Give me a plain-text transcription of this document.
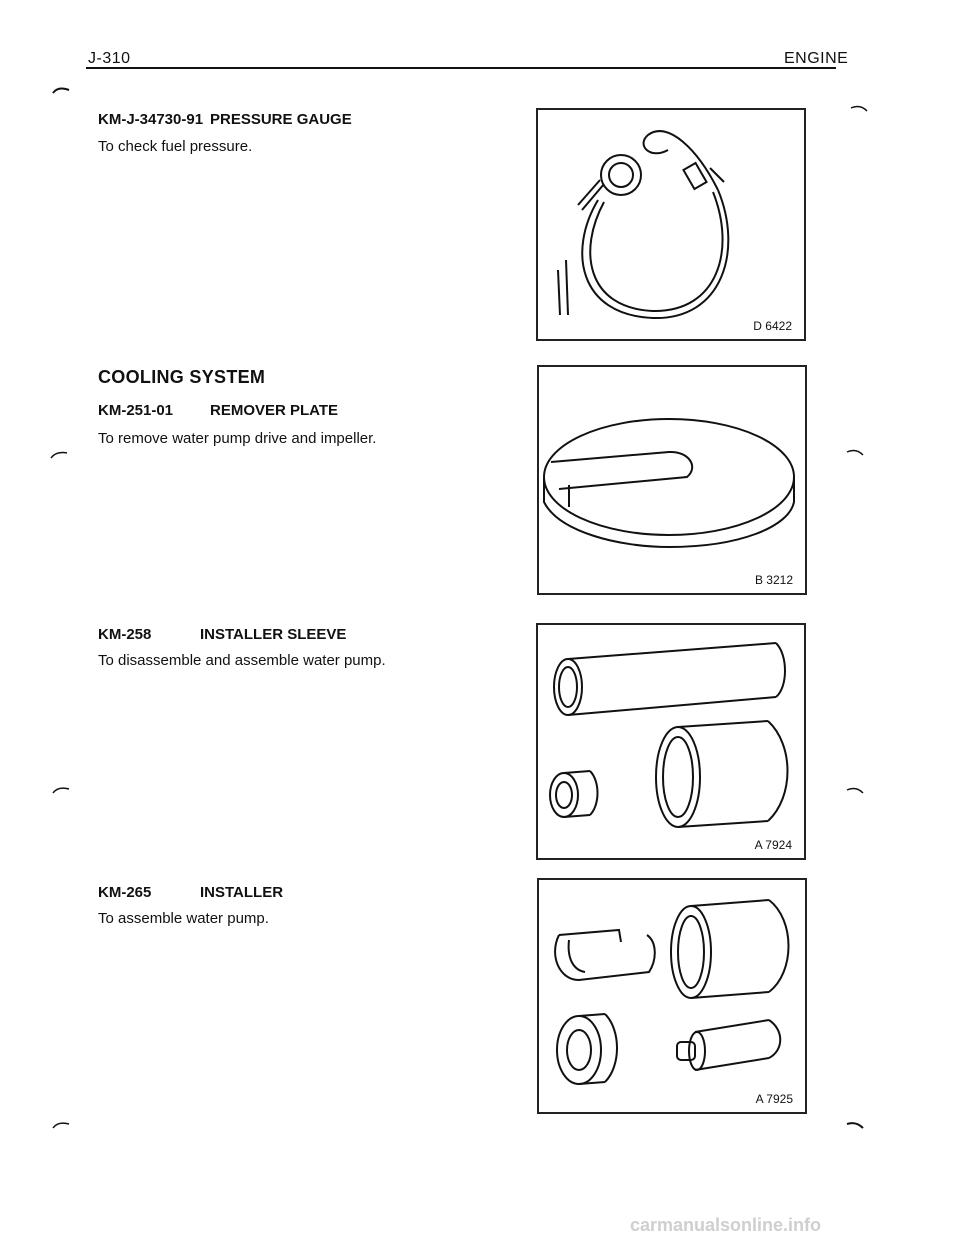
J-310	ENGINE
KM-J-34730-91 PRESSURE GAUGE
To check fuel pressure.
COOLING SYSTEM
KM-251-01 REMOVER PLATE
To remove water pump drive and impeller.
KM-258	INSTALLER SLEEVE
To disassemble and assemble water pump.
KM-265	INSTALLER
To assemble water pump.
D 6422
B 3212
A 7924
A 7925
carmanualsonline.info
